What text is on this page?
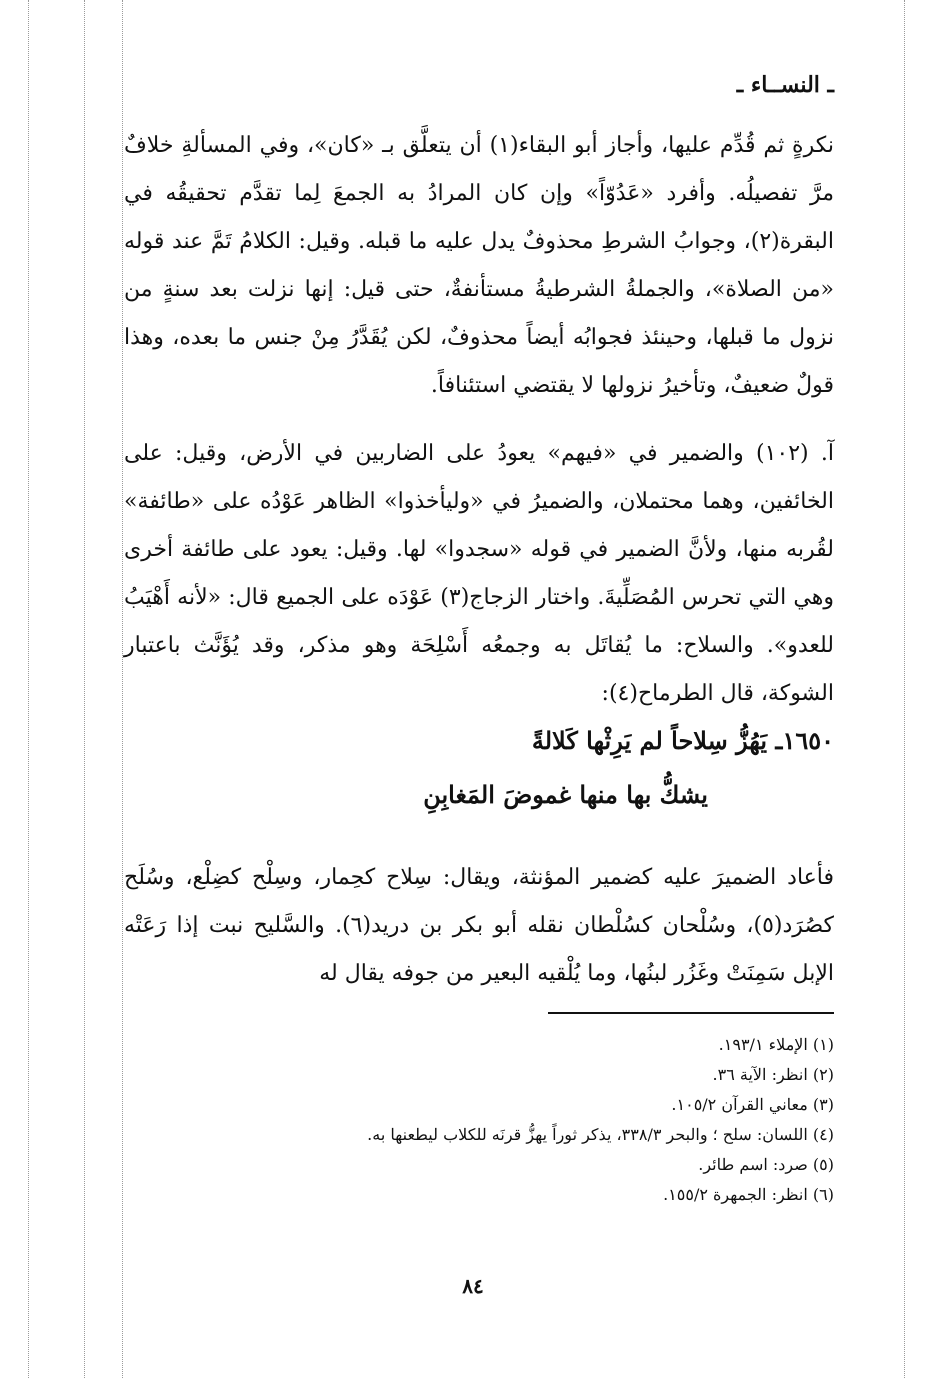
ـ النســاء ـ

نكرةٍ ثم قُدِّم عليها، وأجاز أبو البقاء(١) أن يتعلَّق بـ «كان»، وفي المسألةِ خلافٌ مرَّ تفصيلُه. وأفرد «عَدُوّاً» وإن كان المرادُ به الجمعَ لِما تقدَّم تحقيقُه في البقرة(٢)، وجوابُ الشرطِ محذوفٌ يدل عليه ما قبله. وقيل: الكلامُ تَمَّ عند قوله «من الصلاة»، والجملةُ الشرطيةُ مستأنفةٌ، حتى قيل: إنها نزلت بعد سنةٍ من نزول ما قبلها، وحينئذ فجوابُه أيضاً محذوفٌ، لكن يُقَدَّرُ مِنْ جنس ما بعده، وهذا قولٌ ضعيفٌ، وتأخيرُ نزولها لا يقتضي استئنافاً.

آ. (١٠٢) والضمير في «فيهم» يعودُ على الضاربين في الأرض، وقيل: على الخائفين، وهما محتملان، والضميرُ في «وليأخذوا» الظاهر عَوْدُه على «طائفة» لقُربه منها، ولأنَّ الضمير في قوله «سجدوا» لها. وقيل: يعود على طائفة أخرى وهي التي تحرس المُصَلِّيةَ. واختار الزجاج(٣) عَوْدَه على الجميع قال: «لأنه أَهْيَبُ للعدو». والسلاح: ما يُقاتَل به وجمعُه أَسْلِحَة وهو مذكر، وقد يُؤَنَّث باعتبار الشوكة، قال الطرماح(٤):

١٦٥٠ـ يَهُزُّ سِلاحاً لم يَرِثْها كَلالةً
يشكُّ بها منها غموضَ المَغابِنِ

فأعاد الضميرَ عليه كضمير المؤنثة، ويقال: سِلاح كحِمار، وسِلْح كضِلْع، وسُلَح كصُرَد(٥)، وسُلْحان كسُلْطان نقله أبو بكر بن دريد(٦). والسَّليح نبت إذا رَعَتْه الإبل سَمِنَتْ وغَزُر لبنُها، وما يُلْقيه البعير من جوفه يقال له

(١) الإملاء ١٩٣/١.
(٢) انظر: الآية ٣٦.
(٣) معاني القرآن ١٠٥/٢.
(٤) اللسان: سلح ؛ والبحر ٣٣٨/٣، يذكر ثوراً يهزُّ قرنَه للكلاب ليطعنها به.
(٥) صرد: اسم طائر.
(٦) انظر: الجمهرة ١٥٥/٢.
٨٤
